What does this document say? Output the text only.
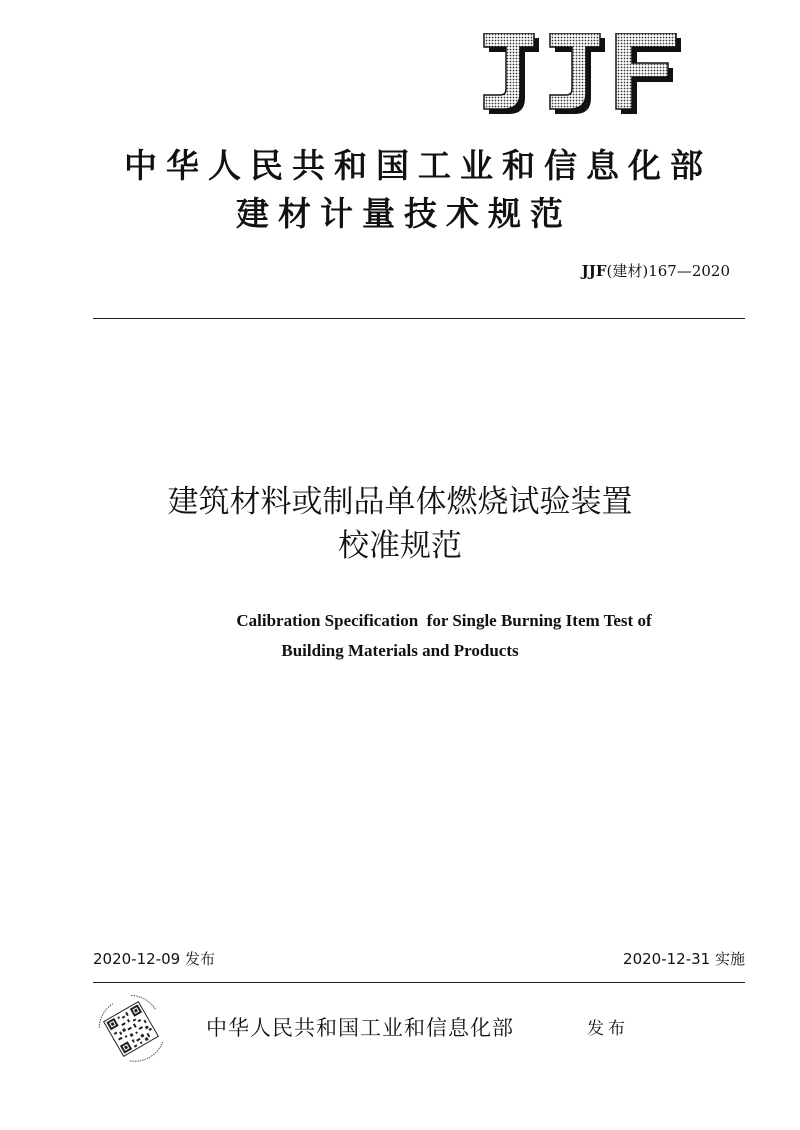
中华人民共和国工业和信息化部
建材计量技术规范
JJF(建材)167—2020
建筑材料或制品单体燃烧试验装置
校准规范
Calibration Specification  for Single Burning Item Test of
Building Materials and Products
2020-12-09 发布	2020-12-31 实施
中华人民共和国工业和信息化部	发布
